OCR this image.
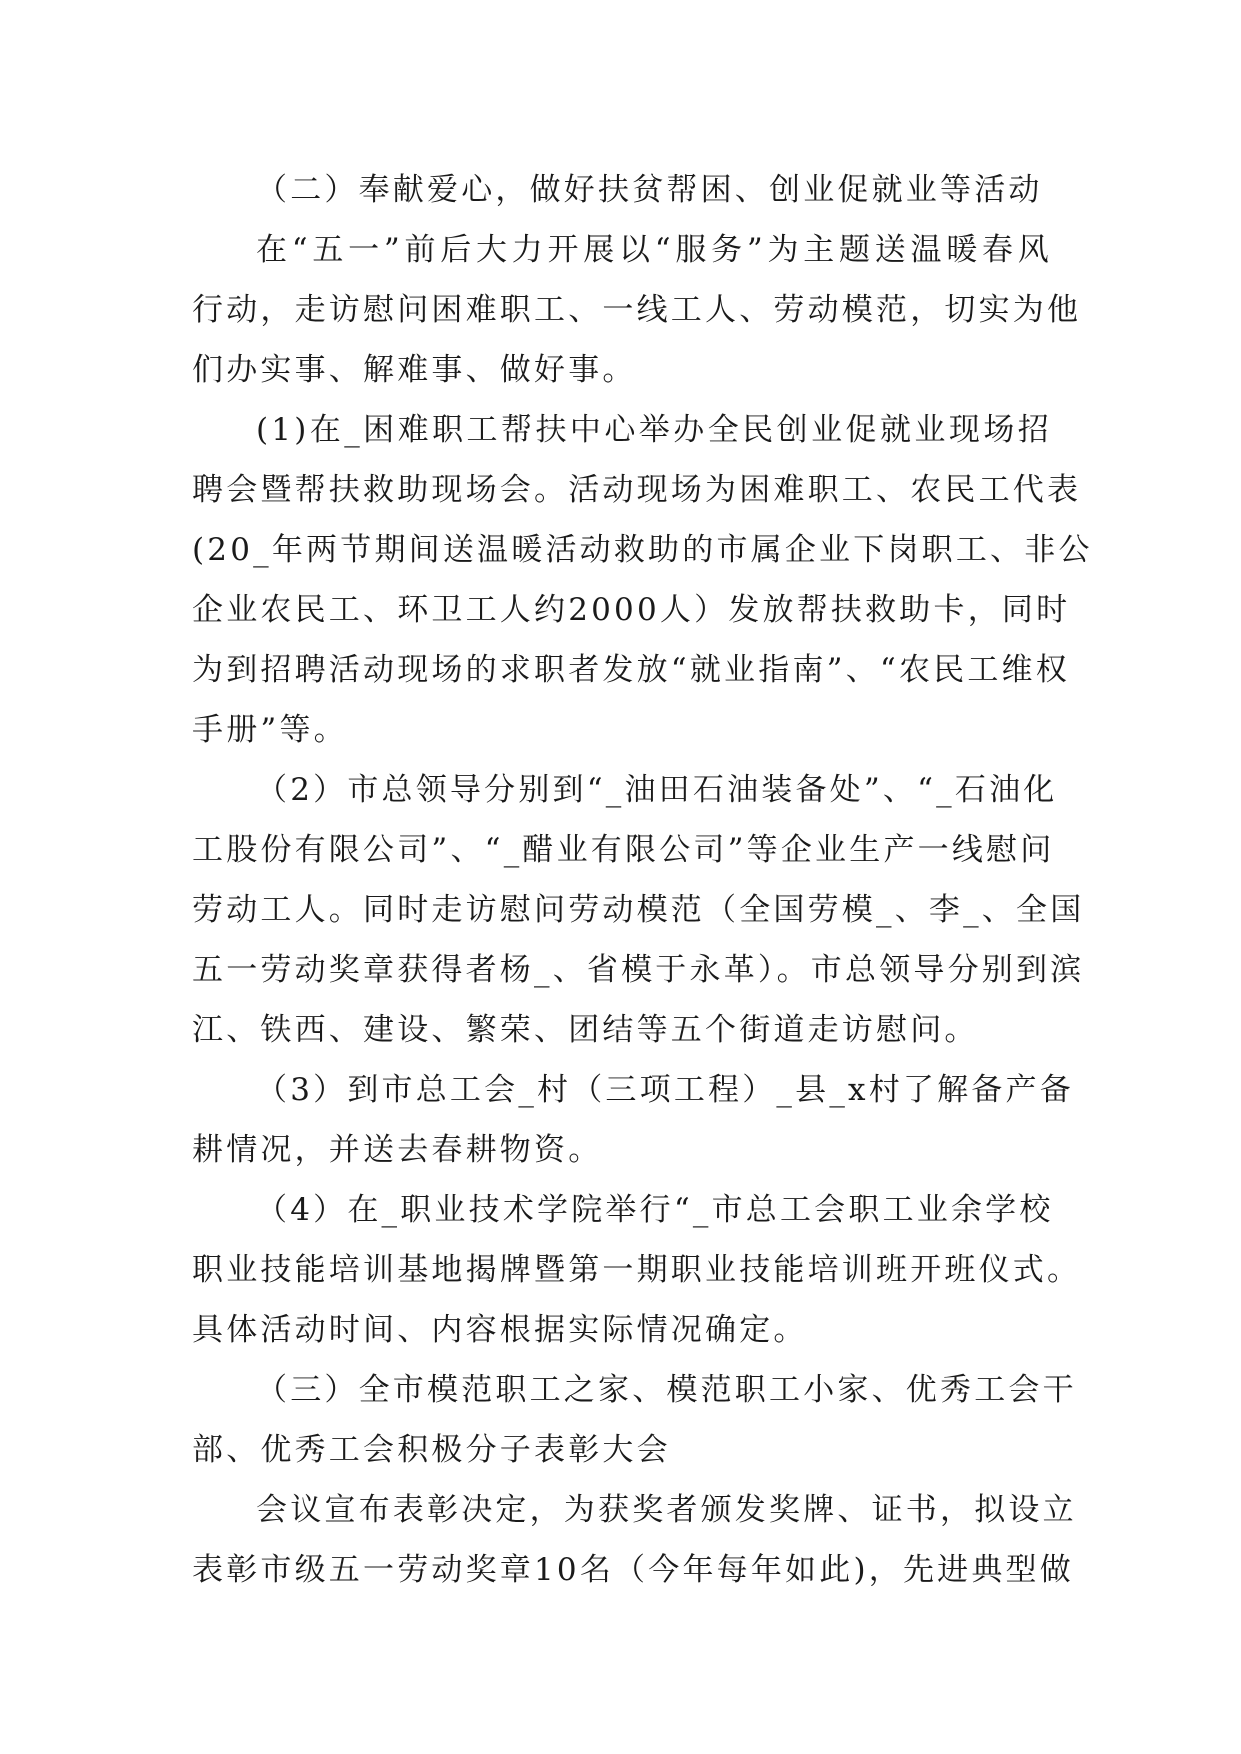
（二）奉献爱心，做好扶贫帮困、创业促就业等活动
在“五一”前后大力开展以“服务”为主题送温暖春风
行动，走访慰问困难职工、一线工人、劳动模范，切实为他
们办实事、解难事、做好事。
(1)在_困难职工帮扶中心举办全民创业促就业现场招
聘会暨帮扶救助现场会。活动现场为困难职工、农民工代表
(20_年两节期间送温暖活动救助的市属企业下岗职工、非公
企业农民工、环卫工人约2000人）发放帮扶救助卡，同时
为到招聘活动现场的求职者发放“就业指南”、“农民工维权
手册”等。
（2）市总领导分别到“_油田石油装备处”、“_石油化
工股份有限公司”、“_醋业有限公司”等企业生产一线慰问
劳动工人。同时走访慰问劳动模范（全国劳模_、李_、全国
五一劳动奖章获得者杨_、省模于永革）。市总领导分别到滨
江、铁西、建设、繁荣、团结等五个街道走访慰问。
（3）到市总工会_村（三项工程）_县_x村了解备产备
耕情况，并送去春耕物资。
（4）在_职业技术学院举行“_市总工会职工业余学校
职业技能培训基地揭牌暨第一期职业技能培训班开班仪式。
具体活动时间、内容根据实际情况确定。
（三）全市模范职工之家、模范职工小家、优秀工会干
部、优秀工会积极分子表彰大会
会议宣布表彰决定，为获奖者颁发奖牌、证书，拟设立
表彰市级五一劳动奖章10名（今年每年如此)，先进典型做
